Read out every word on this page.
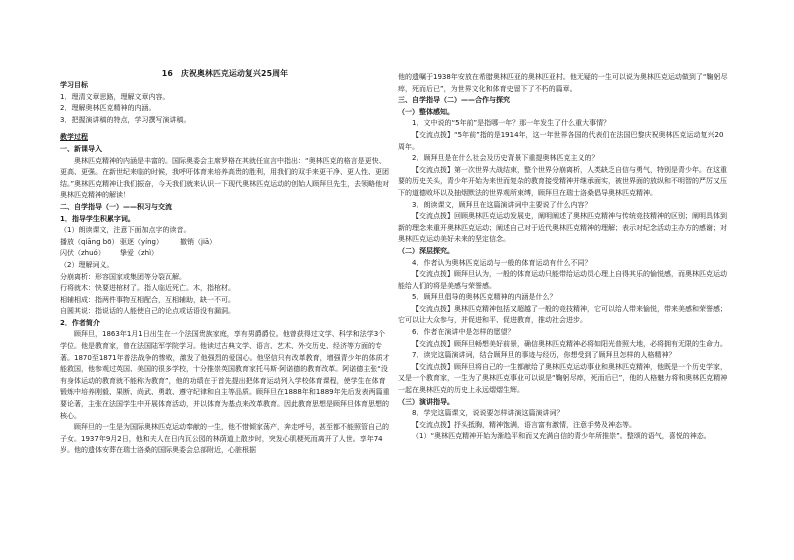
16　庆祝奥林匹克运动复兴25周年

学习目标

1．理清文章思路，理解文章内容。

2．理解奥林匹克精神的内涵。

3．把握演讲稿的特点，学习撰写演讲稿。

教学过程

一、新课导入

奥林匹克精神的内涵是丰富的。国际奥委会主席罗格在其就任宣言中指出：“奥林匹克的格言是更快、更高、更强。在新世纪来临的时候，我呼吁体育来培养高贵的胜利，用我们的双手来更干净、更人性、更团结。”奥林匹克精神让我们振奋，今天我们就来认识一下现代奥林匹克运动的创始人顾拜旦先生，去领略他对奥林匹克精神的解读！

二、自学指导（一）——积习与交流

1．指导学生积累字词。

（1）朗读课文，注意下面加点字的读音。

播放（qiāng bō） 驱逐（yíng）	撤销（jiā）
闪伏（zhuó）	挚爱（zhì）

（2）理解词义。

分崩离析：形容国家或集团等分裂瓦解。

行将就木：快要进棺材了。指人临近死亡。木，指棺材。

相辅相成：指两件事物互相配合，互相辅助，缺一不可。

自圆其说：指说话的人能使自己的论点或话语没有漏洞。

2．作者简介

顾拜旦，1863年1月1日出生在一个法国贵族家庭，享有男爵爵位。他曾获得过文学、科学和法学3个学位。他是教育家，曾在法国陆军学院学习。他读过古典文学、语言、艺术、外交历史、经济等方面的专著。1870至1871年普法战争的惨败，激发了他强烈的爱国心。他坚信只有改革教育，增强青少年的体质才能救国，他参观过英国、美国的很多学校，十分推崇英国教育家托马斯·阿诺德的教育改革。阿诺德主张“没有身体运动的教育就不能称为教育”，他的功绩在于首先提出把体育运动列入学校体育课程，使学生在体育锻炼中培养刚毅、果断、尚武、勇敢、遵守纪律和自主等品质。顾拜旦在1888年和1889年先后发表两篇重要论著，主张在法国学生中开展体育活动，并以体育为基点来改革教育。因此教育思想是顾拜旦体育思想的核心。

顾拜旦的一生是为国际奥林匹克运动奉献的一生，他不惜倾家荡产，奔走呼号，甚至都不能照管自己的子女。1937年9月2日，他和夫人在日内瓦公园的林荫道上散步时，突发心肌梗死而离开了人世。享年74岁。他的遗体安葬在瑞士洛桑的国际奥委会总部附近，心脏根据

他的遗嘱于1938年安放在希腊奥林匹亚的奥林匹亚村。他无疑的一生可以说为奥林匹克运动做到了“鞠躬尽瘁，死而后已”，为世界文化和体育史留下了不朽的篇章。

三、自学指导（二）——合作与探究

（一）整体感知。

1．文中说的“5年前”是指哪一年？那一年发生了什么重大事情？

【交流点拨】“5年前”指的是1914年，这一年世界各国的代表们在法国巴黎庆祝奥林匹克运动复兴20周年。

2．顾拜旦是在什么社会及历史背景下重提奥林匹克主义的？

【交流点拨】第一次世界大战结束，整个世界分崩离析，人类缺乏自信与勇气，特别是青少年。在这重要的历史关头，青少年开始为来世而复杂的教育接受精神并继承面实，被世界面的放纵和不明智的严厉又压下的道德败坏以及抽烟默法的世界观所束缚，顾拜旦在瑞士洛桑倡导奥林匹克精神。

3．朗读课文，顾拜旦在这篇演讲词中主要说了什么内容？

【交流点拨】回顾奥林匹克运动发展史，阐明阐述了奥林匹克精神与传统竞技精神的区别；阐明具体到新的理念来重开奥林匹克运动；阐述自己对于近代奥林匹克精神的理解；表示对纪念活动主办方的感谢；对奥林匹克运动美好未来的坚定信念。

（二）深层探究。

4．作者认为奥林匹克运动与一般的体育运动有什么不同？

【交流点拨】顾拜旦认为，一般的体育运动只能带给运动员心理上自得其乐的愉悦感，而奥林匹克运动能给人们的将是美感与荣誉感。

5．顾拜旦倡导的奥林匹克精神的内涵是什么？

【交流点拨】奥林匹克精神包括又超越了一般的竞技精神，它可以给人带来愉悦，带来美感和荣誉感；它可以让大众参与，并促进和平、促进教育，推动社会进步。

6．作者在演讲中是怎样的愿望？

【交流点拨】顾拜旦畅想美好前景，确信奥林匹克精神必将如阳光普照大地，必将拥有无限的生命力。

7．读完这篇演讲词，结合顾拜旦的事迹与经历，你想受到了顾拜旦怎样的人格精神？

【交流点拨】顾拜旦将自己的一生都献给了奥林匹克运动事业和奥林匹克精神，他既是一个历史学家，又是一个教育家，一生为了奥林匹克事业可以说是“鞠躬尽瘁，死而后已”，他的人格魅力将和奥林匹克精神一起在奥林匹克的历史上永远熠熠生辉。

（三）演讲指导。

8．学完这篇课文，说说要怎样讲演这篇演讲词？

【交流点拨】抒头抵胸，精神饱满，语言富有激情，注意手势及神态等。

（1）“奥林匹克精神开始为渐趋平和而又充满自信的青少年所推崇”。整颂的语气，喜悦的神态。
